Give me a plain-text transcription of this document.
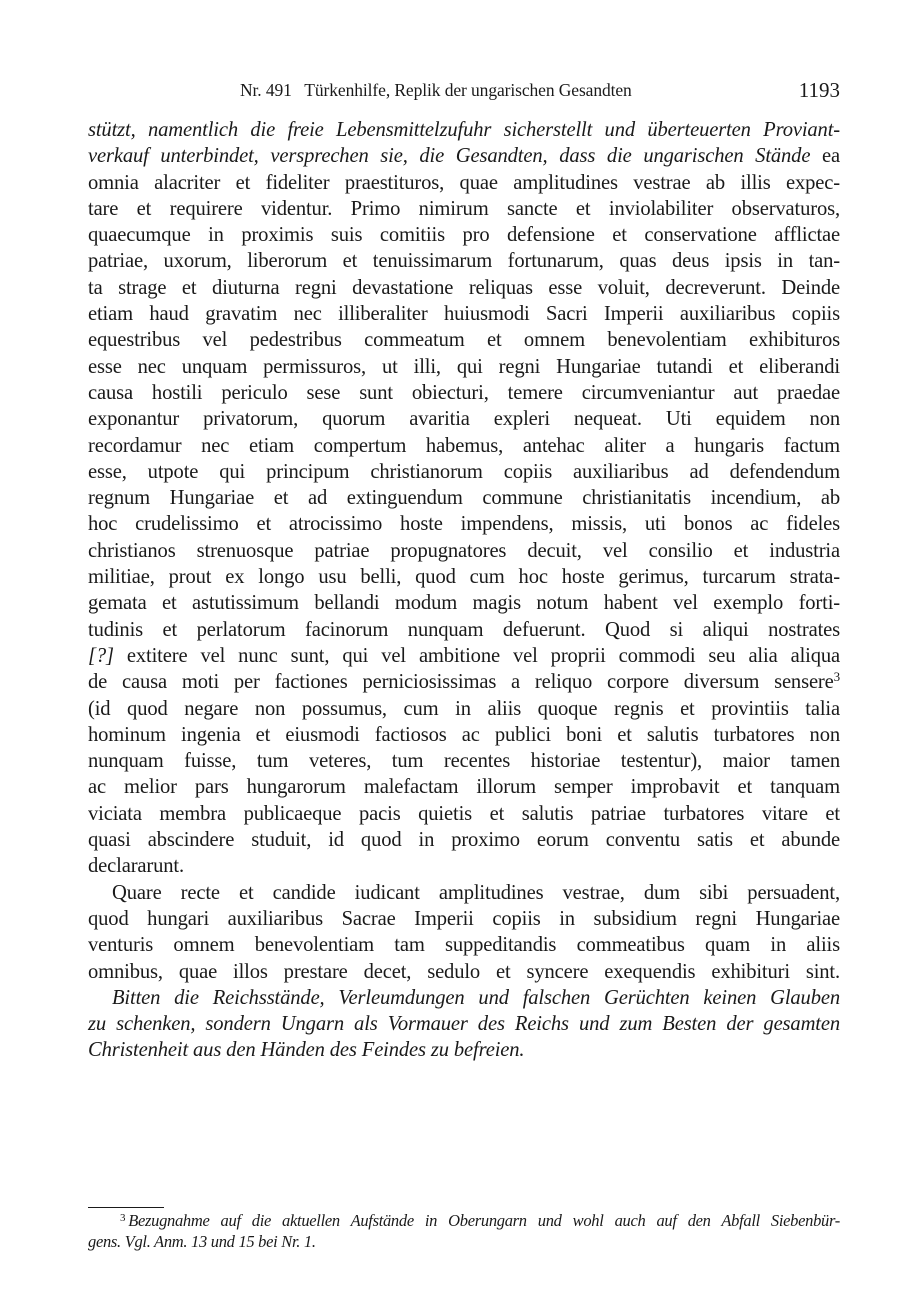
Nr. 491   Türkenhilfe, Replik der ungarischen Gesandten	1193
stützt, namentlich die freie Lebensmittelzufuhr sicherstellt und überteuerten Proviant-
verkauf unterbindet, versprechen sie, die Gesandten, dass die ungarischen Stände ea
omnia alacriter et fideliter praestituros, quae amplitudines vestrae ab illis expec-
tare et requirere videntur. Primo nimirum sancte et inviolabiliter observaturos,
quaecumque in proximis suis comitiis pro defensione et conservatione afflictae
patriae, uxorum, liberorum et tenuissimarum fortunarum, quas deus ipsis in tan-
ta strage et diuturna regni devastatione reliquas esse voluit, decreverunt. Deinde
etiam haud gravatim nec illiberaliter huiusmodi Sacri Imperii auxiliaribus copiis
equestribus vel pedestribus commeatum et omnem benevolentiam exhibituros
esse nec unquam permissuros, ut illi, qui regni Hungariae tutandi et eliberandi
causa hostili periculo sese sunt obiecturi, temere circumveniantur aut praedae
exponantur privatorum, quorum avaritia expleri nequeat. Uti equidem non
recordamur nec etiam compertum habemus, antehac aliter a hungaris factum
esse, utpote qui principum christianorum copiis auxiliaribus ad defendendum
regnum Hungariae et ad extinguendum commune christianitatis incendium, ab
hoc crudelissimo et atrocissimo hoste impendens, missis, uti bonos ac fideles
christianos strenuosque patriae propugnatores decuit, vel consilio et industria
militiae, prout ex longo usu belli, quod cum hoc hoste gerimus, turcarum strata-
gemata et astutissimum bellandi modum magis notum habent vel exemplo forti-
tudinis et perlatorum facinorum nunquam defuerunt. Quod si aliqui nostrates
[?] extitere vel nunc sunt, qui vel ambitione vel proprii commodi seu alia aliqua
de causa moti per factiones perniciosissimas a reliquo corpore diversum sensere$^3$
(id quod negare non possumus, cum in aliis quoque regnis et provintiis talia
hominum ingenia et eiusmodi factiosos ac publici boni et salutis turbatores non
nunquam fuisse, tum veteres, tum recentes historiae testentur), maior tamen
ac melior pars hungarorum malefactam illorum semper improbavit et tanquam
viciata membra publicaeque pacis quietis et salutis patriae turbatores vitare et
quasi abscindere studuit, id quod in proximo eorum conventu satis et abunde
declararunt.
Quare recte et candide iudicant amplitudines vestrae, dum sibi persuadent,
quod hungari auxiliaribus Sacrae Imperii copiis in subsidium regni Hungariae
venturis omnem benevolentiam tam suppeditandis commeatibus quam in aliis
omnibus, quae illos prestare decet, sedulo et syncere exequendis exhibituri sint.
Bitten die Reichsstände, Verleumdungen und falschen Gerüchten keinen Glauben
zu schenken, sondern Ungarn als Vormauer des Reichs und zum Besten der gesamten
Christenheit aus den Händen des Feindes zu befreien.
$^3$ Bezugnahme auf die aktuellen Aufstände in Oberungarn und wohl auch auf den Abfall Siebenbür-
gens. Vgl. Anm. 13 und 15 bei Nr. 1.
